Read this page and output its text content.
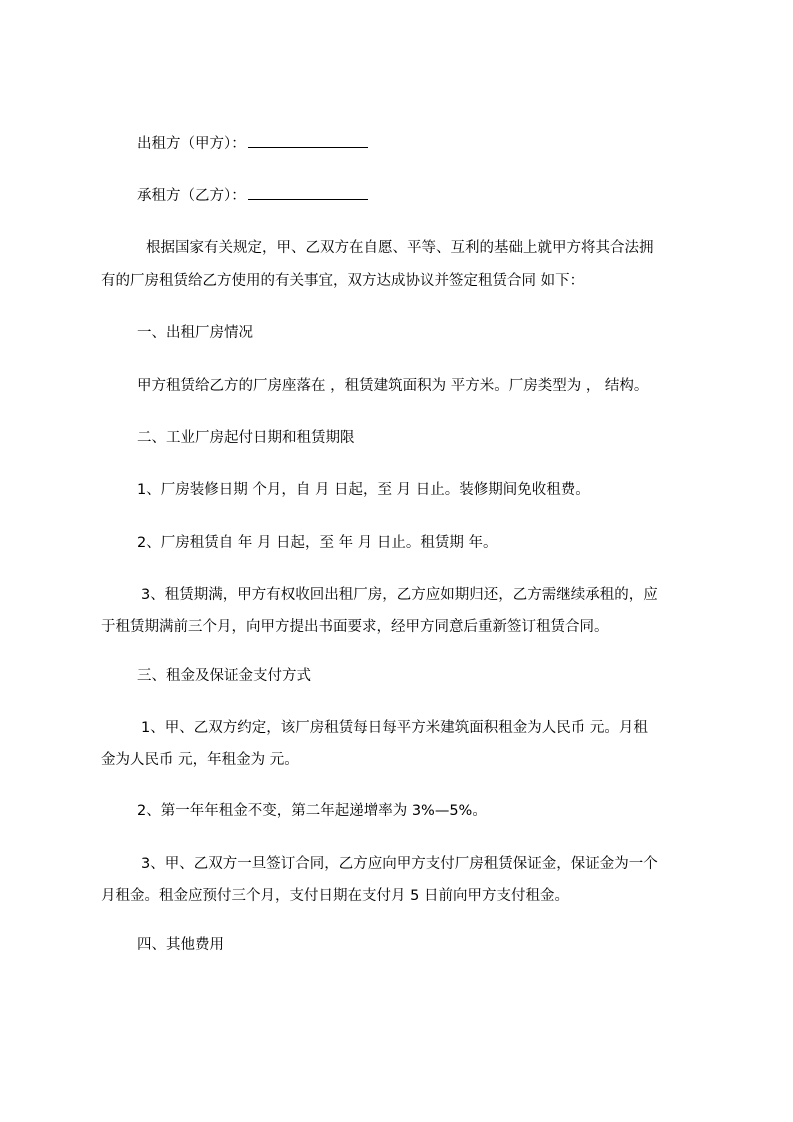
出租方（甲方）：
承租方（乙方）：
根据国家有关规定，甲、乙双方在自愿、平等、互利的基础上就甲方将其合法拥
有的厂房租赁给乙方使用的有关事宜，双方达成协议并签定租赁合同 如下：
一、出租厂房情况
甲方租赁给乙方的厂房座落在 ，租赁建筑面积为 平方米。厂房类型为 ， 结构。
二、工业厂房起付日期和租赁期限
1、厂房装修日期 个月，自 月 日起，至 月 日止。装修期间免收租费。
2、厂房租赁自 年 月 日起，至 年 月 日止。租赁期 年。
3、租赁期满，甲方有权收回出租厂房，乙方应如期归还，乙方需继续承租的，应
于租赁期满前三个月，向甲方提出书面要求，经甲方同意后重新签订租赁合同。
三、租金及保证金支付方式
1、甲、乙双方约定，该厂房租赁每日每平方米建筑面积租金为人民币 元。月租
金为人民币 元，年租金为 元。
2、第一年年租金不变，第二年起递增率为 3%—5%。
3、甲、乙双方一旦签订合同，乙方应向甲方支付厂房租赁保证金，保证金为一个
月租金。租金应预付三个月，支付日期在支付月 5 日前向甲方支付租金。
四、其他费用
